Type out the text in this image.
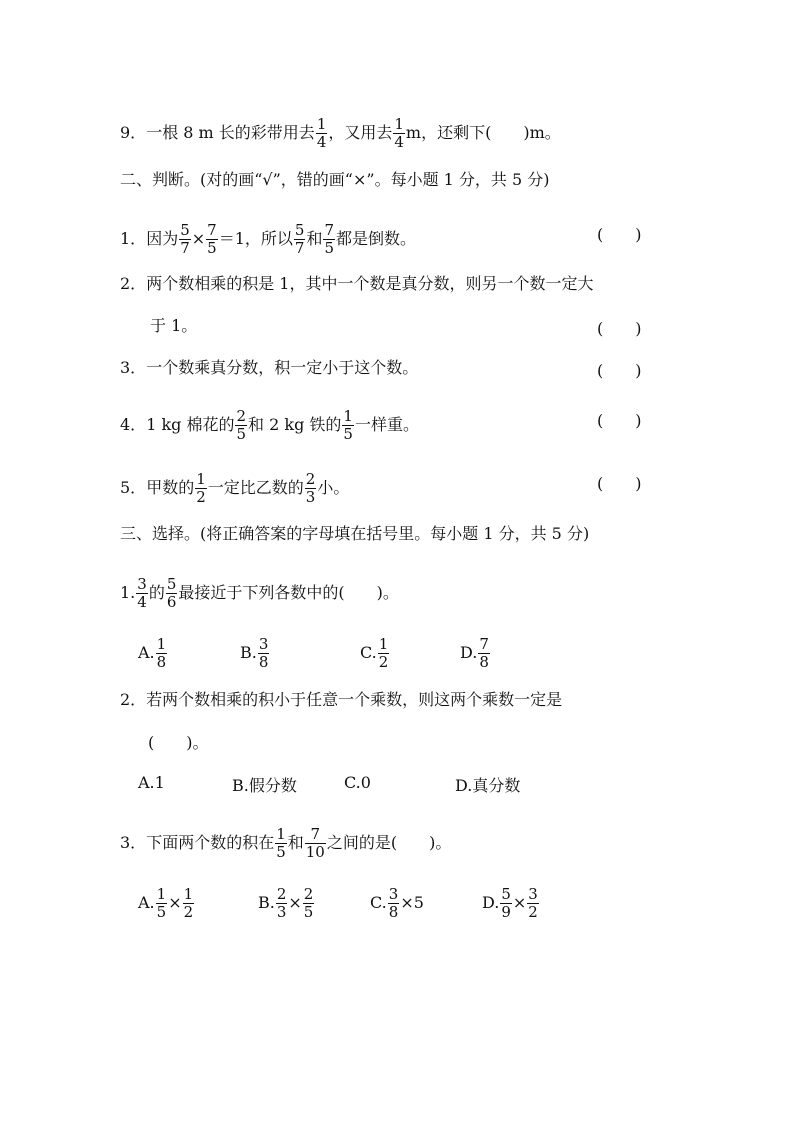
9．一根 8 m 长的彩带用去 $\frac{1}{4}$ ，又用去 $\frac{1}{4}$ m，还剩下(　　)m。
二、判断。(对的画“√”，错的画“×”。每小题 1 分，共 5 分)
1．因为 $\frac{5}{7} \times \frac{7}{5} =1$，所以 $\frac{5}{7}$ 和 $\frac{7}{5}$ 都是倒数。	(　　)
2．两个数相乘的积是 1，其中一个数是真分数，则另一个数一定大
于 1。	(　　)
3．一个数乘真分数，积一定小于这个数。	(　　)
4．1 kg 棉花的 $\frac{2}{5}$ 和 2 kg 铁的 $\frac{1}{5}$ 一样重。	(　　)
5．甲数的 $\frac{1}{2}$ 一定比乙数的 $\frac{2}{3}$ 小。	(　　)
三、选择。(将正确答案的字母填在括号里。每小题 1 分，共 5 分)
1. $\frac{3}{4}$ 的 $\frac{5}{6}$ 最接近于下列各数中的(　　)。
A. $\frac{1}{8}$	B. $\frac{3}{8}$	C. $\frac{1}{2}$	D. $\frac{7}{8}$
2．若两个数相乘的积小于任意一个乘数，则这两个乘数一定是
(　　)。
A.1	B.假分数	C.0	D.真分数
3．下面两个数的积在 $\frac{1}{5}$ 和 $\frac{7}{10}$ 之间的是(　　)。
A. $\frac{1}{5} \times \frac{1}{2}$	B. $\frac{2}{3} \times \frac{2}{5}$	C. $\frac{3}{8} \times 5$	D. $\frac{5}{9} \times \frac{3}{2}$
